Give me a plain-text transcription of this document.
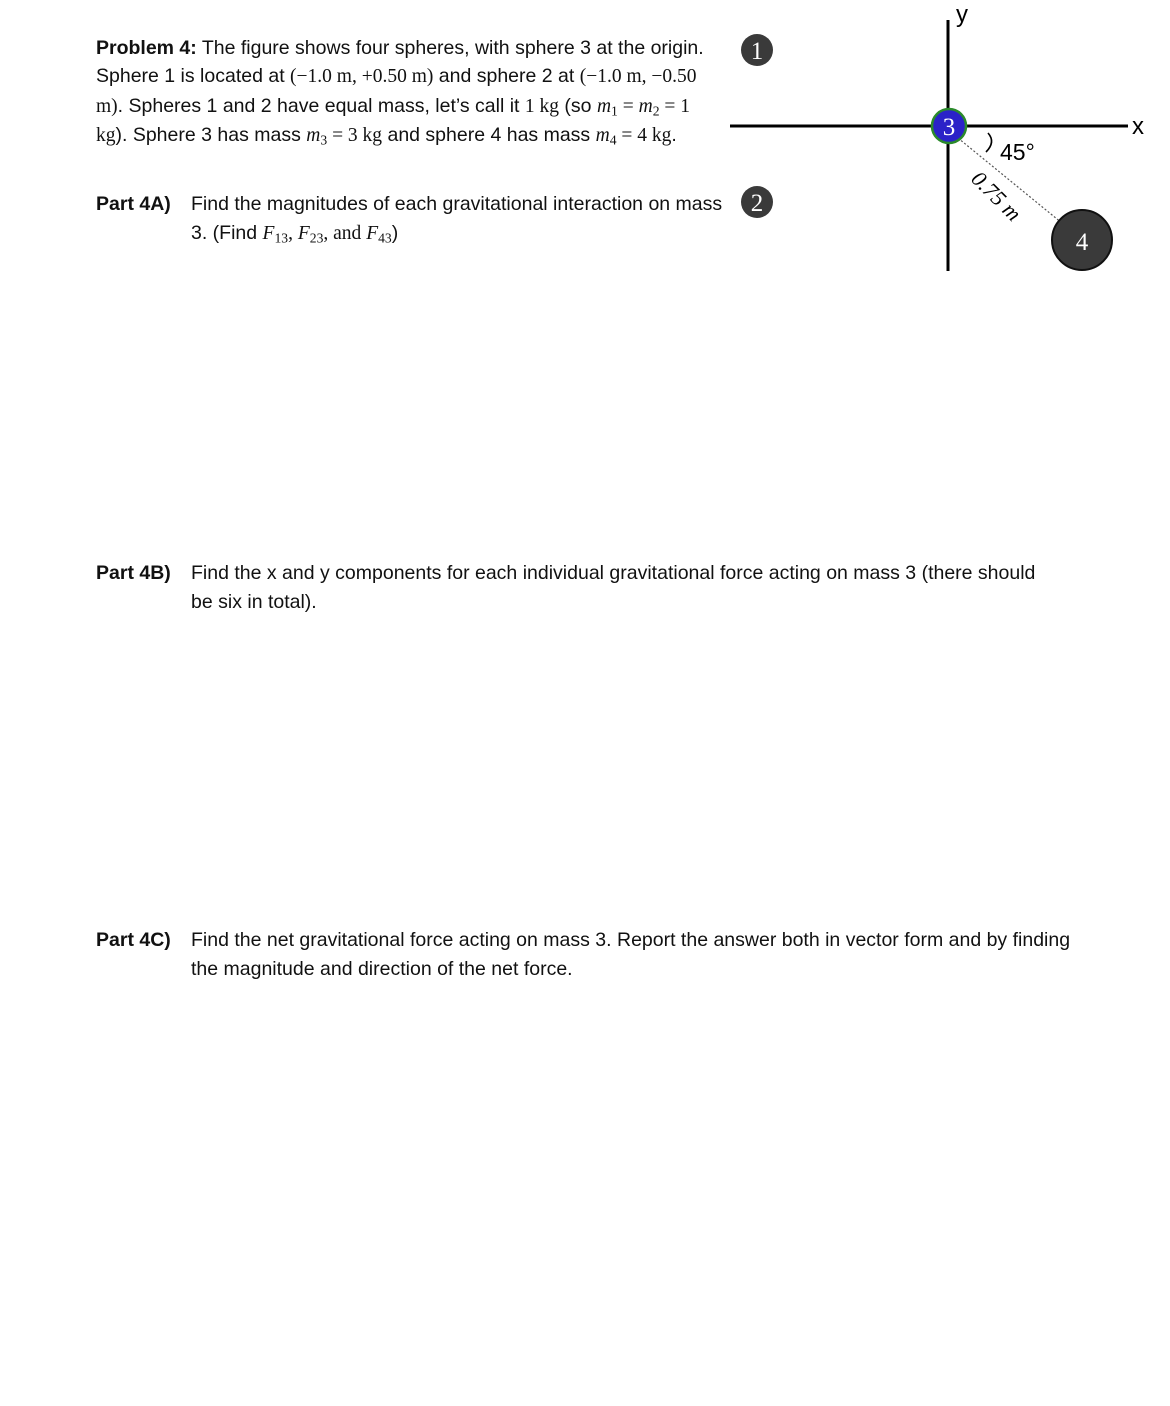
Problem 4: The figure shows four spheres, with sphere 3 at the origin. Sphere 1 is located at (−1.0 m, +0.50 m) and sphere 2 at (−1.0 m, −0.50 m). Spheres 1 and 2 have equal mass, let’s call it 1 kg (so $m_1 = m_2 = 1$ kg). Sphere 3 has mass $m_3 = 3$ kg and sphere 4 has mass $m_4 = 4$ kg.

Part 4A) Find the magnitudes of each gravitational interaction on mass 3. (Find $F_{13}$, $F_{23}$, and $F_{43}$)
Part 4B) Find the x and y components for each individual gravitational force acting on mass 3 (there should be six in total).
Part 4C) Find the net gravitational force acting on mass 3. Report the answer both in vector form and by finding the magnitude and direction of the net force.
x
y
45°
0.75 m
1
2
3
4
